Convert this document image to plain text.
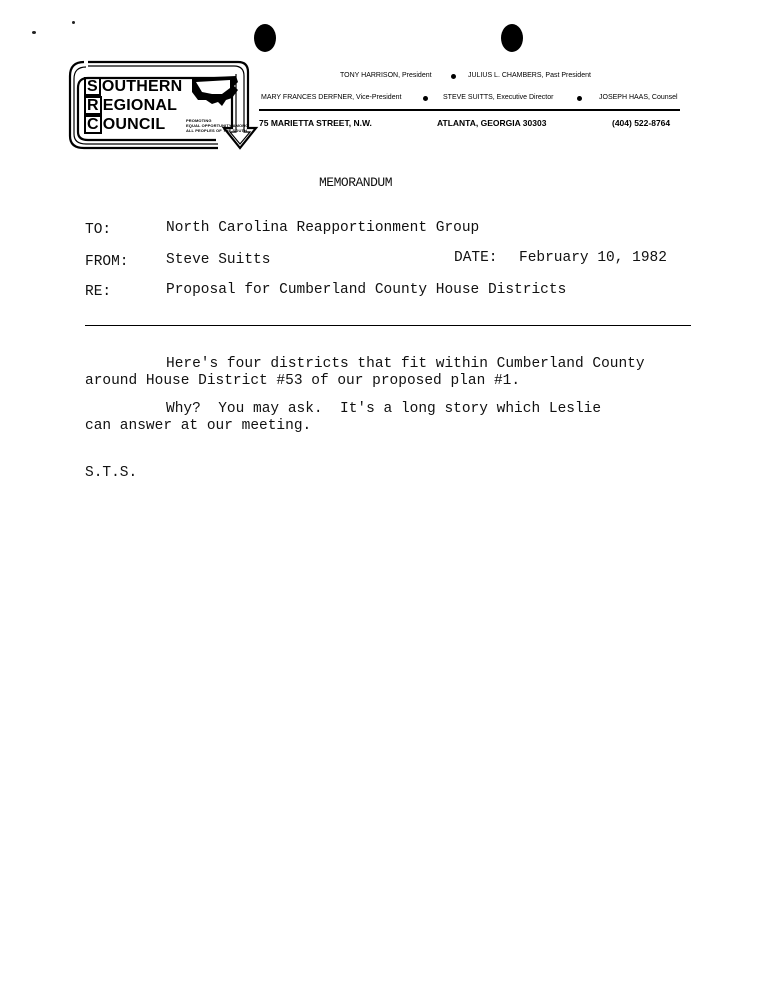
S OUTHERN
R EGIONAL
C OUNCIL	PROMOTING
EQUAL OPPORTUNITY AMONG
ALL PEOPLES OF THE SOUTH
TONY HARRISON, President	JULIUS L. CHAMBERS, Past President
MARY FRANCES DERFNER, Vice-President	STEVE SUITTS, Executive Director	JOSEPH HAAS, Counsel
75 MARIETTA STREET, N.W.	ATLANTA, GEORGIA 30303	(404) 522-8764
MEMORANDUM
TO:	North Carolina Reapportionment Group
FROM:	Steve Suitts	DATE: February 10, 1982
RE:	Proposal for Cumberland County House Districts
Here's four districts that fit within Cumberland County
around House District #53 of our proposed plan #1.
Why?  You may ask.  It's a long story which Leslie
can answer at our meeting.
S.T.S.
